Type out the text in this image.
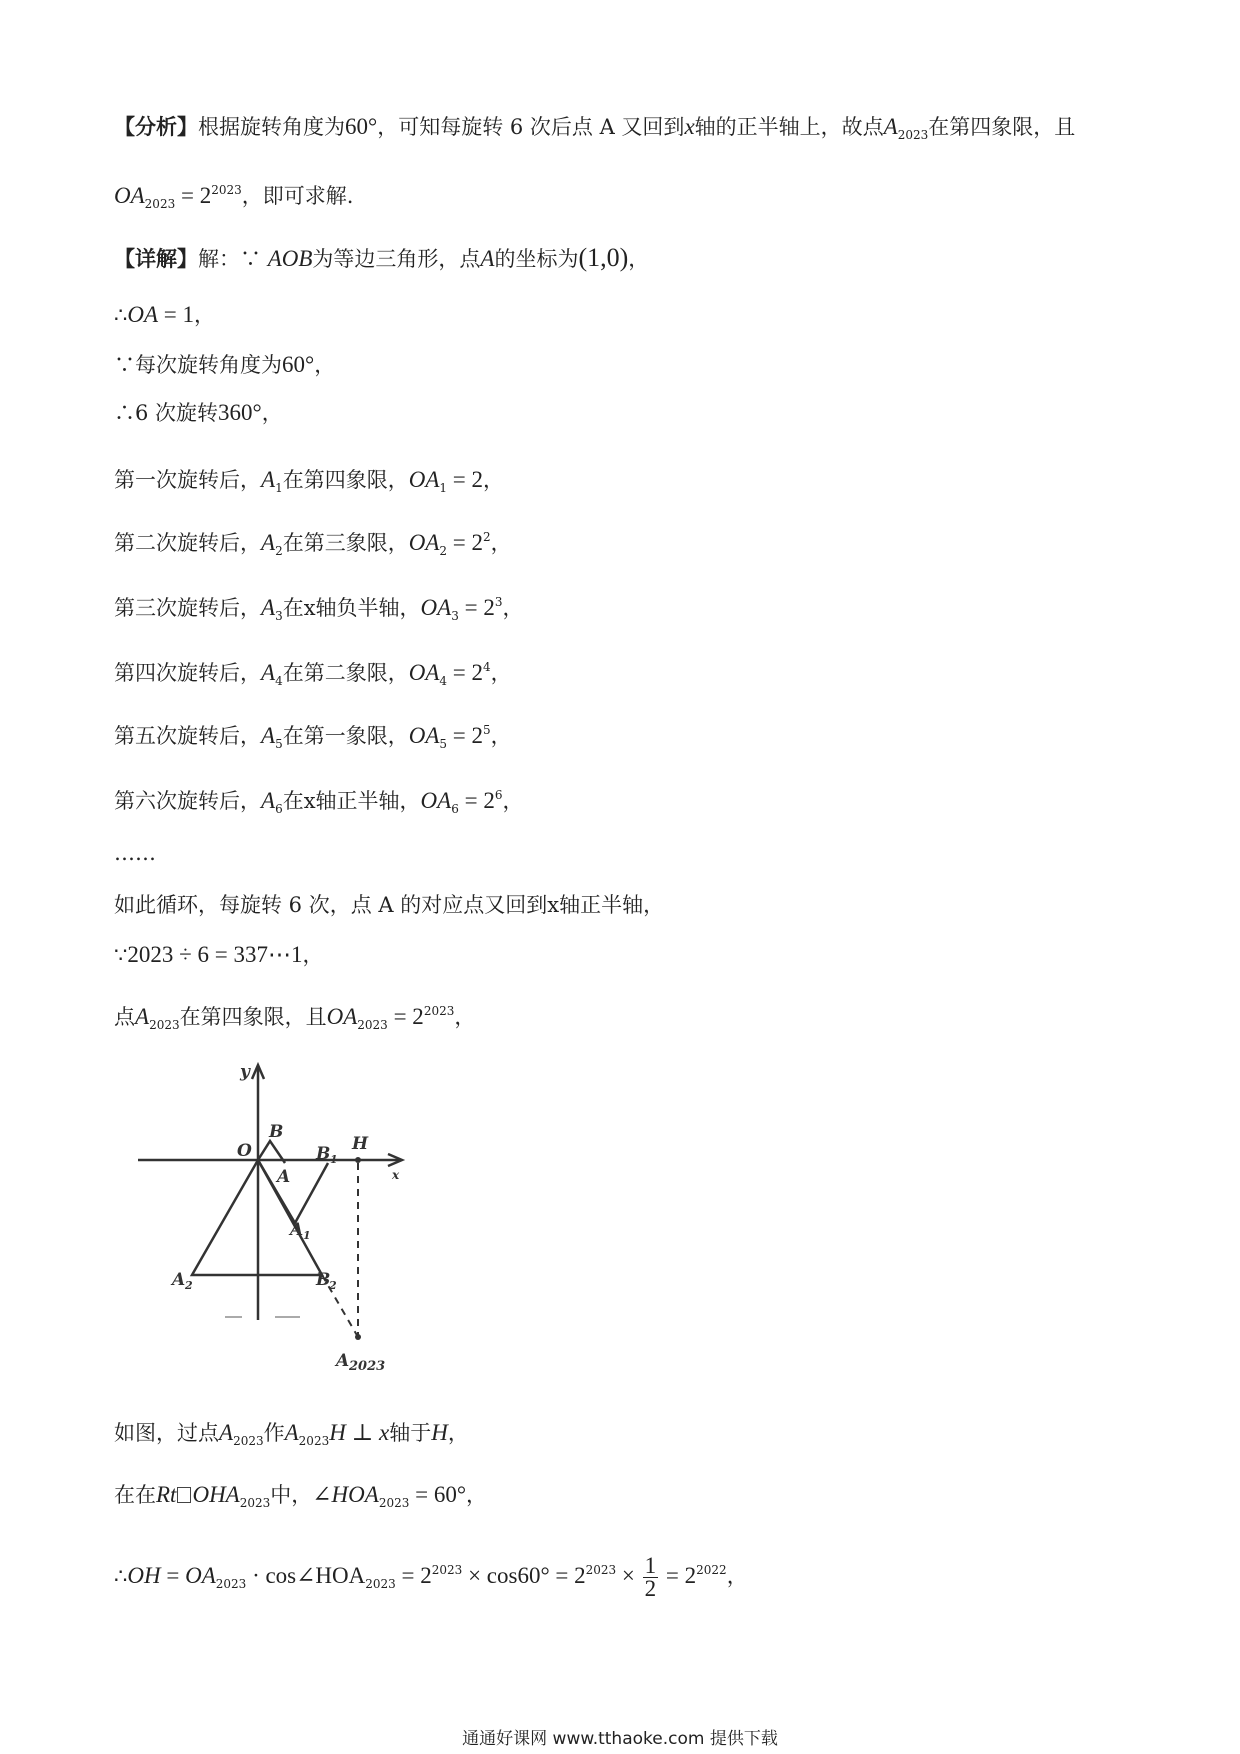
【分析】根据旋转角度为60°，可知每旋转 6 次后点 A 又回到x轴的正半轴上，故点$A_{2023}$在第四象限，且
$OA_{2023} = 2^{2023}$，即可求解.
【详解】解：∵ AOB为等边三角形，点A的坐标为(1,0)，
∴OA = 1，
∵每次旋转角度为60°，
∴6 次旋转360°，
第一次旋转后，$A_1$在第四象限，$OA_1 = 2$，
第二次旋转后，$A_2$在第三象限，$OA_2 = 2^2$，
第三次旋转后，$A_3$在x轴负半轴，$OA_3 = 2^3$，
第四次旋转后，$A_4$在第二象限，$OA_4 = 2^4$，
第五次旋转后，$A_5$在第一象限，$OA_5 = 2^5$，
第六次旋转后，$A_6$在x轴正半轴，$OA_6 = 2^6$，
……
如此循环，每旋转 6 次，点 A 的对应点又回到x轴正半轴，
∵2023 ÷ 6 = 337⋯1，
点$A_{2023}$在第四象限，且$OA_{2023} = 2^{2023}$，
y
x
O
B
A
B 1
H
A 1
A 2	B
2
A 2023
如图，过点$A_{2023}$作$A_{2023}H$ ⊥ x轴于H，
在在Rt $OHA_{2023}$中，$\angle HOA_{2023} = 60^\circ$，
∴OH = $OA_{2023}$ · $\cos\angle HOA_{2023} = 2^{2023} \times \cos 60^\circ = 2^{2023} \times \frac{1}{2} = 2^{2022}$，
通通好课网 www.tthaoke.com 提供下载
